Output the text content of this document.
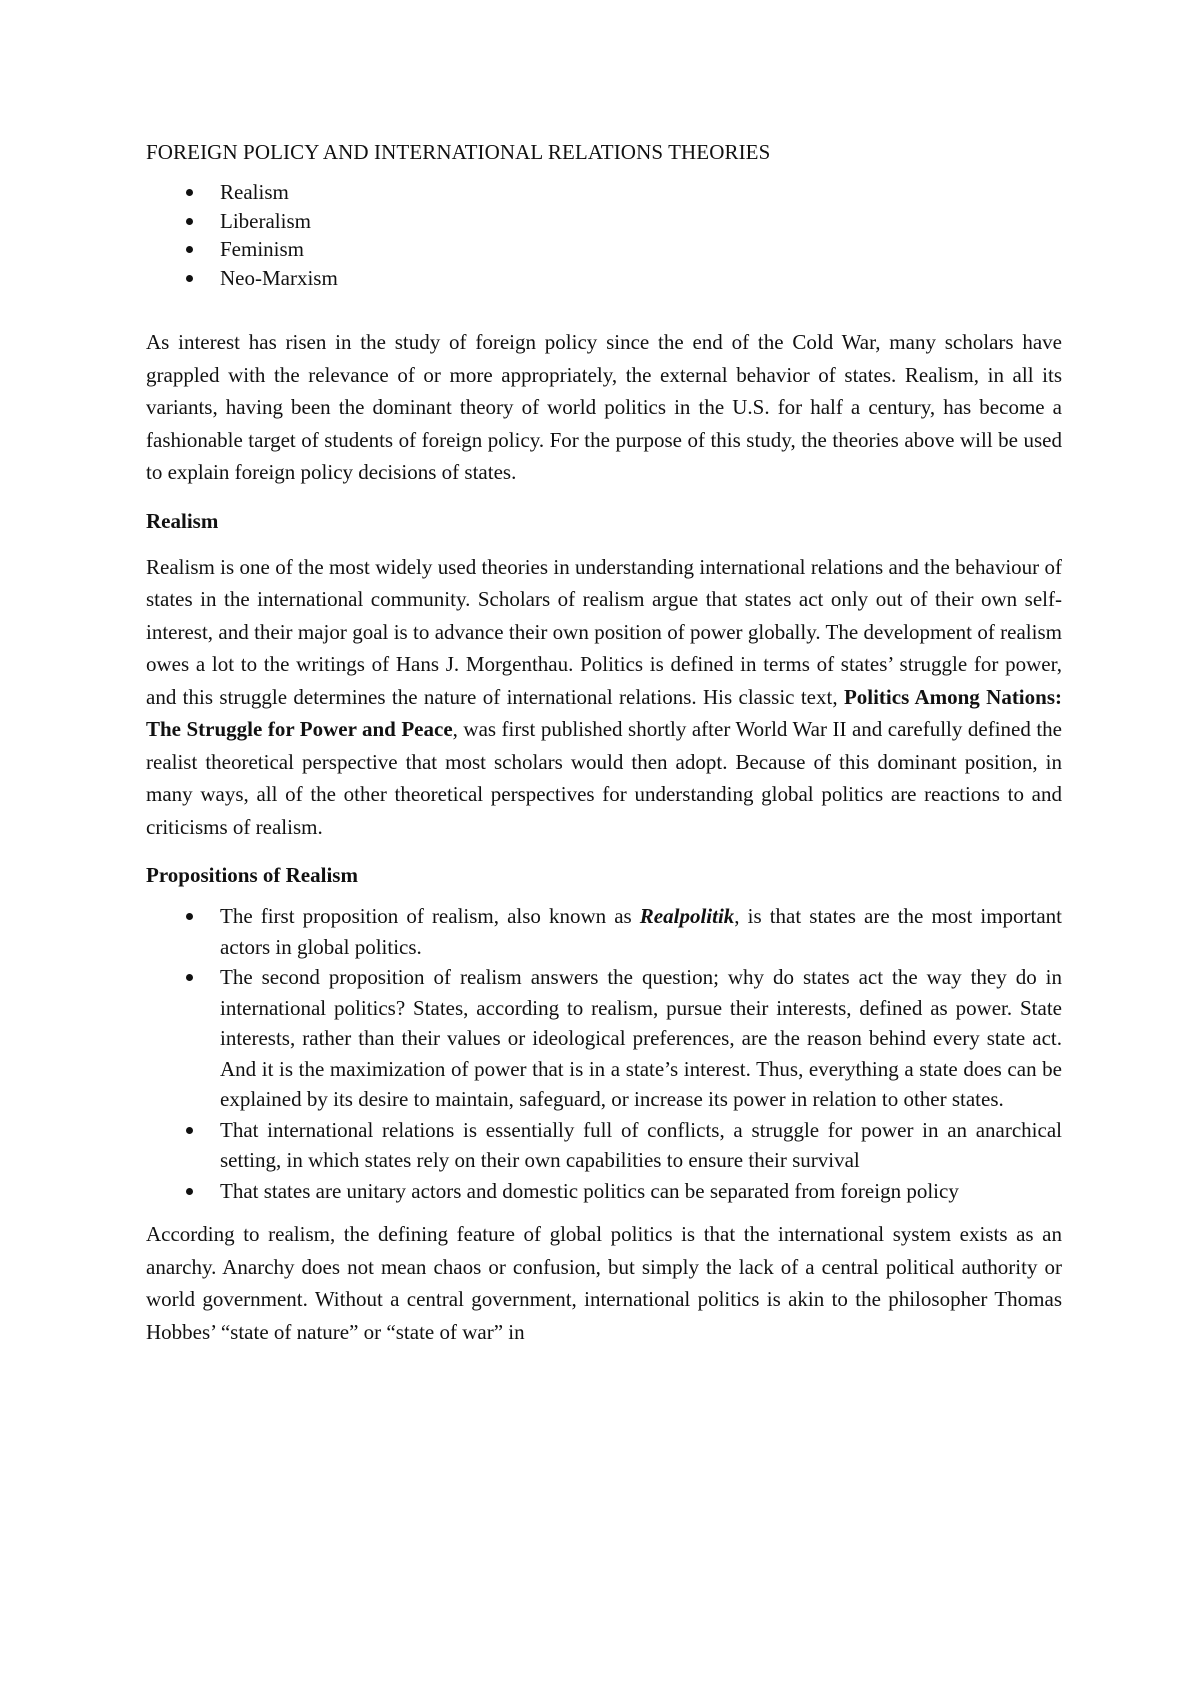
FOREIGN POLICY AND INTERNATIONAL RELATIONS THEORIES
Realism
Liberalism
Feminism
Neo-Marxism

As interest has risen in the study of foreign policy since the end of the Cold War, many scholars have grappled with the relevance of or more appropriately, the external behavior of states. Realism, in all its variants, having been the dominant theory of world politics in the U.S. for half a century, has become a fashionable target of students of foreign policy. For the purpose of this study, the theories above will be used to explain foreign policy decisions of states.

Realism

Realism is one of the most widely used theories in understanding international relations and the behaviour of states in the international community. Scholars of realism argue that states act only out of their own self-interest, and their major goal is to advance their own position of power globally. The development of realism owes a lot to the writings of Hans J. Morgenthau. Politics is defined in terms of states’ struggle for power, and this struggle determines the nature of international relations. His classic text, Politics Among Nations: The Struggle for Power and Peace, was first published shortly after World War II and carefully defined the realist theoretical perspective that most scholars would then adopt. Because of this dominant position, in many ways, all of the other theoretical perspectives for understanding global politics are reactions to and criticisms of realism.

Propositions of Realism
The first proposition of realism, also known as Realpolitik, is that states are the most important actors in global politics.
The second proposition of realism answers the question; why do states act the way they do in international politics? States, according to realism, pursue their interests, defined as power. State interests, rather than their values or ideological preferences, are the reason behind every state act. And it is the maximization of power that is in a state’s interest. Thus, everything a state does can be explained by its desire to maintain, safeguard, or increase its power in relation to other states.
That international relations is essentially full of conflicts, a struggle for power in an anarchical setting, in which states rely on their own capabilities to ensure their survival
That states are unitary actors and domestic politics can be separated from foreign policy

According to realism, the defining feature of global politics is that the international system exists as an anarchy. Anarchy does not mean chaos or confusion, but simply the lack of a central political authority or world government. Without a central government, international politics is akin to the philosopher Thomas Hobbes’ “state of nature” or “state of war” in
